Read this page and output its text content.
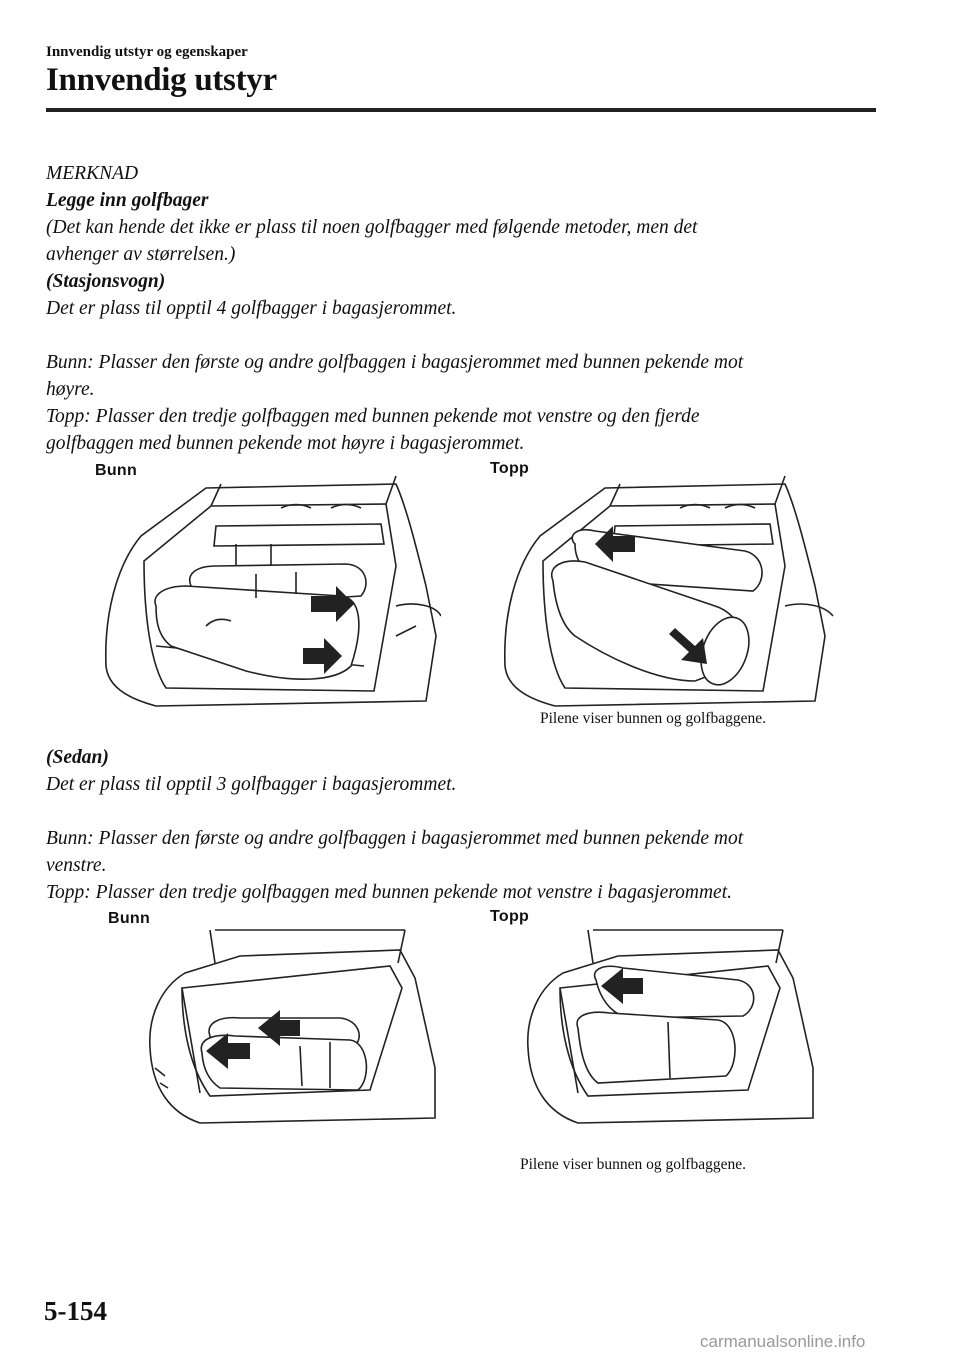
Innvendig utstyr og egenskaper
Innvendig utstyr

MERKNAD

Legge inn golfbager

(Det kan hende det ikke er plass til noen golfbagger med følgende metoder, men det

avhenger av størrelsen.)

(Stasjonsvogn)

Det er plass til opptil 4 golfbagger i bagasjerommet.

Bunn: Plasser den første og andre golfbaggen i bagasjerommet med bunnen pekende mot

høyre.

Topp: Plasser den tredje golfbaggen med bunnen pekende mot venstre og den fjerde

golfbaggen med bunnen pekende mot høyre i bagasjerommet.

Bunn	Topp
Pilene viser bunnen og golfbaggene.

(Sedan)

Det er plass til opptil 3 golfbagger i bagasjerommet.

Bunn: Plasser den første og andre golfbaggen i bagasjerommet med bunnen pekende mot

venstre.

Topp: Plasser den tredje golfbaggen med bunnen pekende mot venstre i bagasjerommet.

Bunn	Topp
Pilene viser bunnen og golfbaggene.
5-154
carmanualsonline.info
